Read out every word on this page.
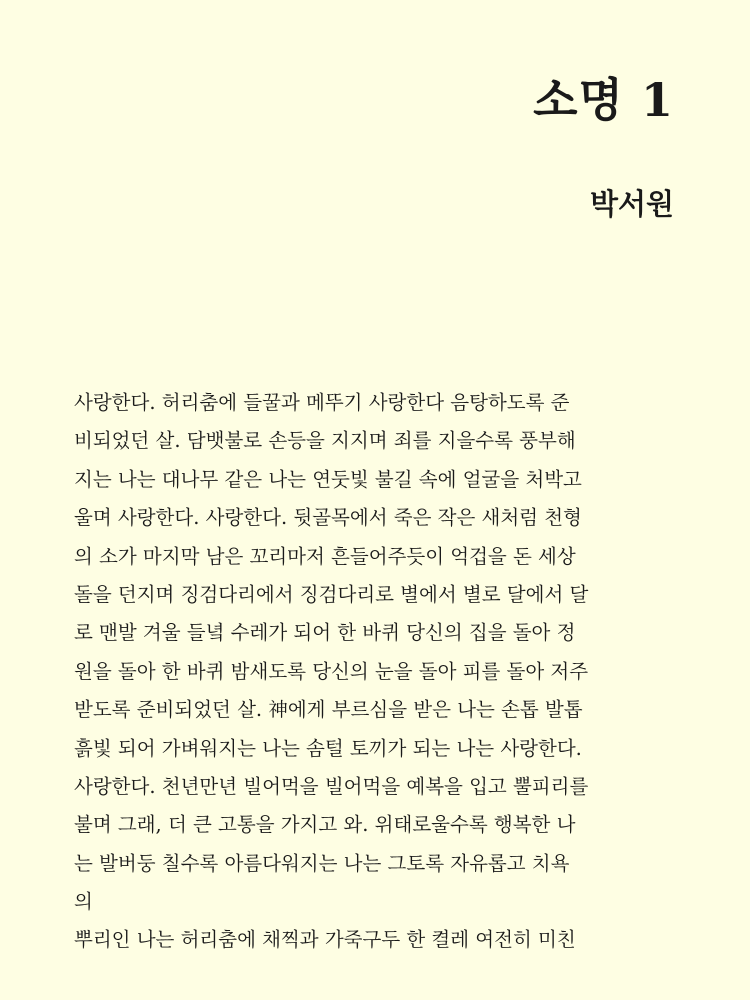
소명 1
박서원
사랑한다. 허리춤에 들꿀과 메뚜기 사랑한다 음탕하도록 준
비되었던 살. 담뱃불로 손등을 지지며 죄를 지을수록 풍부해
지는 나는 대나무 같은 나는 연둣빛 불길 속에 얼굴을 처박고
울며 사랑한다. 사랑한다. 뒷골목에서 죽은 작은 새처럼 천형
의 소가 마지막 남은 꼬리마저 흔들어주듯이 억겁을 돈 세상
돌을 던지며 징검다리에서 징검다리로 별에서 별로 달에서 달
로 맨발 겨울 들녘 수레가 되어 한 바퀴 당신의 집을 돌아 정
원을 돌아 한 바퀴 밤새도록 당신의 눈을 돌아 피를 돌아 저주
받도록 준비되었던 살. 神에게 부르심을 받은 나는 손톱 발톱
흙빛 되어 가벼워지는 나는 솜털 토끼가 되는 나는 사랑한다.
사랑한다. 천년만년 빌어먹을 빌어먹을 예복을 입고 뿔피리를
불며 그래, 더 큰 고통을 가지고 와. 위태로울수록 행복한 나
는 발버둥 칠수록 아름다워지는 나는 그토록 자유롭고 치욕
의
뿌리인 나는 허리춤에 채찍과 가죽구두 한 켤레 여전히 미친
